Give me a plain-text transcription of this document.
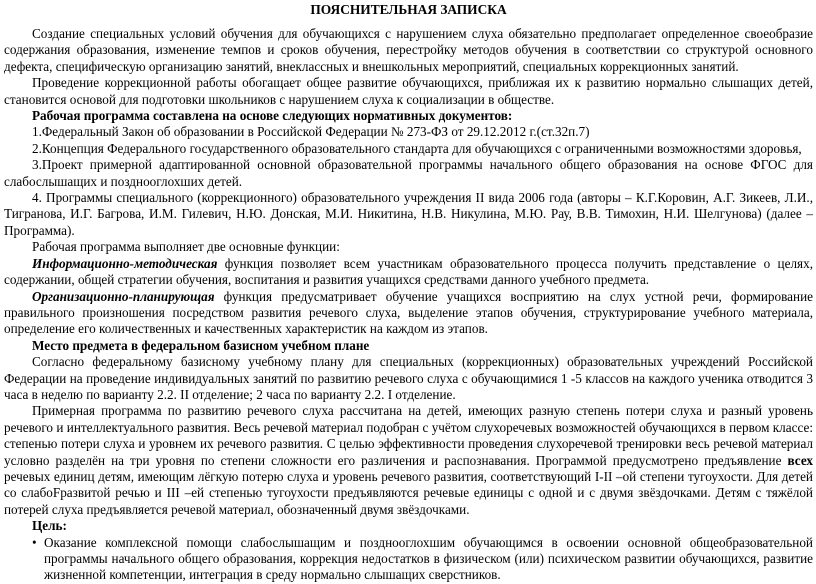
ПОЯСНИТЕЛЬНАЯ ЗАПИСКА

Создание специальных условий обучения для обучающихся с нарушением слуха обязательно предполагает определенное своеобразие содержания образования, изменение темпов и сроков обучения, перестройку методов обучения в соответствии со структурой основного дефекта, специфическую организацию занятий, внеклассных и внешкольных мероприятий, специальных коррекционных занятий.

Проведение коррекционной работы обогащает общее развитие обучающихся, приближая их к развитию нормально слышащих детей, становится основой для подготовки школьников с нарушением слуха к социализации в обществе.

Рабочая программа составлена на основе следующих нормативных документов:

1.Федеральный Закон об образовании в Российской Федерации № 273-ФЗ от 29.12.2012 г.(ст.32п.7)

2.Концепция Федерального государственного образовательного стандарта для обучающихся с ограниченными возможностями здоровья,

3.Проект примерной адаптированной основной образовательной программы начального общего образования на основе ФГОС для слабослышащих и позднооглохших детей.

4. Программы специального (коррекционного) образовательного учреждения II вида 2006 года (авторы – К.Г.Коровин, А.Г. Зикеев, Л.И., Тигранова, И.Г. Багрова, И.М. Гилевич, Н.Ю. Донская, М.И. Никитина, Н.В. Никулина, М.Ю. Рау, В.В. Тимохин, Н.И. Шелгунова) (далее – Программа).

Рабочая программа выполняет две основные функции:

Информационно-методическая функция позволяет всем участникам образовательного процесса получить представление о целях, содержании, общей стратегии обучения, воспитания и развития учащихся средствами данного учебного предмета.

Организационно-планирующая функция предусматривает обучение учащихся восприятию на слух устной речи, формирование правильного произношения посредством развития речевого слуха, выделение этапов обучения, структурирование учебного материала, определение его количественных и качественных характеристик на каждом из этапов.

Место предмета в федеральном базисном учебном плане

Согласно федеральному базисному учебному плану для специальных (коррекционных) образовательных учреждений Российской Федерации на проведение индивидуальных занятий по развитию речевого слуха с обучающимися 1 -5 классов на каждого ученика отводится 3 часа в неделю по варианту 2.2. II отделение; 2 часа по варианту 2.2. I отделение.

Примерная программа по развитию речевого слуха рассчитана на детей, имеющих разную степень потери слуха и разный уровень речевого и интеллектуального развития. Весь речевой материал подобран с учётом слухоречевых возможностей обучающихся в первом классе: степенью потери слуха и уровнем их речевого развития. С целью эффективности проведения слухоречевой тренировки весь речевой материал условно разделён на три уровня по степени сложности его различения и распознавания. Программой предусмотрено предъявление всех речевых единиц детям, имеющим лёгкую потерю слуха и уровень речевого развития, соответствующий I-II –ой степени тугоухости. Для детей со слабоFразвитой речью и III –ей степенью тугоухости предъявляются речевые единицы с одной и с двумя звёздочками. Детям с тяжёлой потерей слуха предъявляется речевой материал, обозначенный двумя звёздочками.

Цель:

• Оказание комплексной помощи слабослышащим и позднооглохшим обучающимся в освоении основной общеобразовательной программы начального общего образования, коррекция недостатков в физическом (или) психическом развитии обучающихся, развитие жизненной компетенции, интеграция в среду нормально слышащих сверстников.
